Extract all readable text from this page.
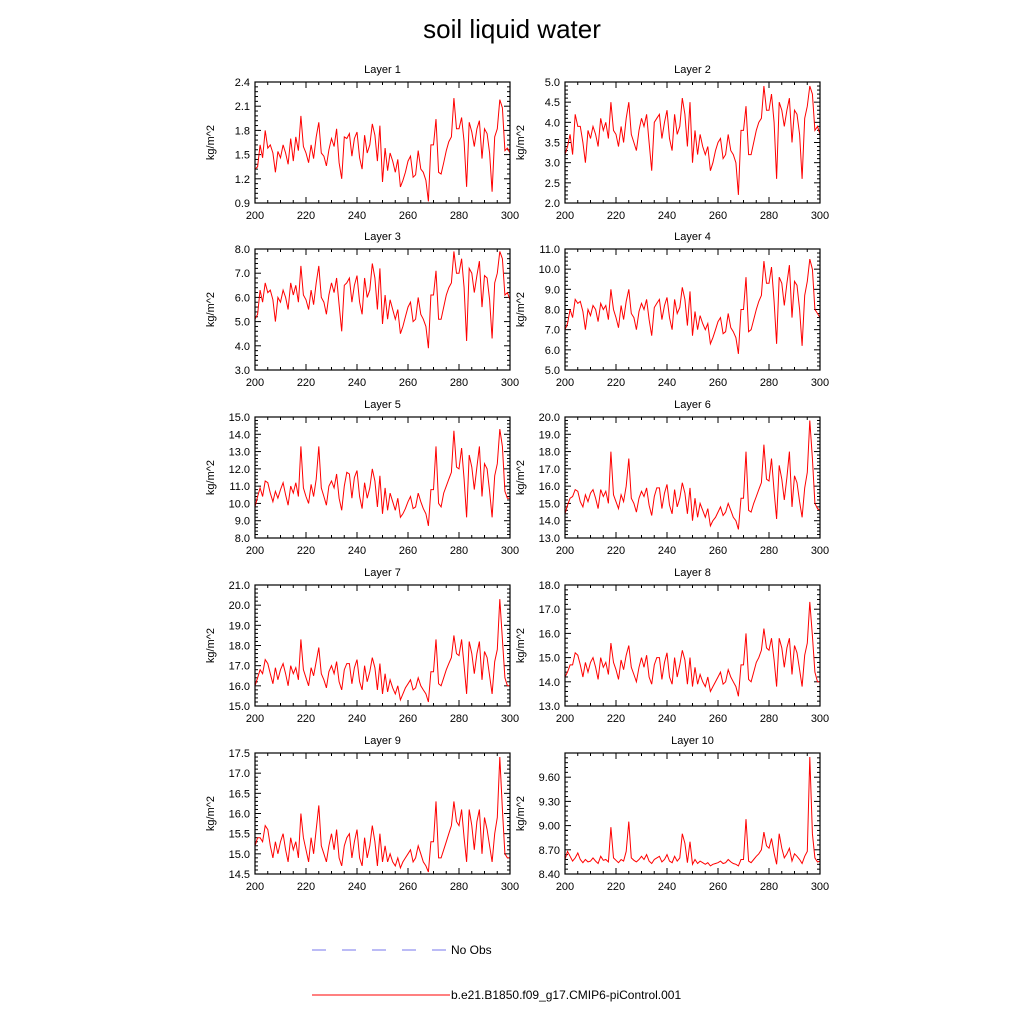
soil liquid water
Layer 1
kg/m^2
200	220	240	260	280	300
0.9
1.2
1.5
1.8
2.1
2.4
Layer 2
kg/m^2
200	220	240	260	280	300
2.0
2.5
3.0
3.5
4.0
4.5
5.0
Layer 3
kg/m^2
200	220	240	260	280	300
3.0
4.0
5.0
6.0
7.0
8.0
Layer 4
kg/m^2
200	220	240	260	280	300
5.0
6.0
7.0
8.0
9.0
10.0
11.0
Layer 5
kg/m^2
200	220	240	260	280	300
8.0
9.0
10.0
11.0
12.0
13.0
14.0
15.0
Layer 6
kg/m^2
200	220	240	260	280	300
13.0
14.0
15.0
16.0
17.0
18.0
19.0
20.0
Layer 7
kg/m^2
200	220	240	260	280	300
15.0
16.0
17.0
18.0
19.0
20.0
21.0
Layer 8
kg/m^2
200	220	240	260	280	300
13.0
14.0
15.0
16.0
17.0
18.0
Layer 9
kg/m^2
200	220	240	260	280	300
14.5
15.0
15.5
16.0
16.5
17.0
17.5
Layer 10
kg/m^2
200	220	240	260	280	300
8.40
8.70
9.00
9.30
9.60
No Obs
b.e21.B1850.f09_g17.CMIP6-piControl.001
